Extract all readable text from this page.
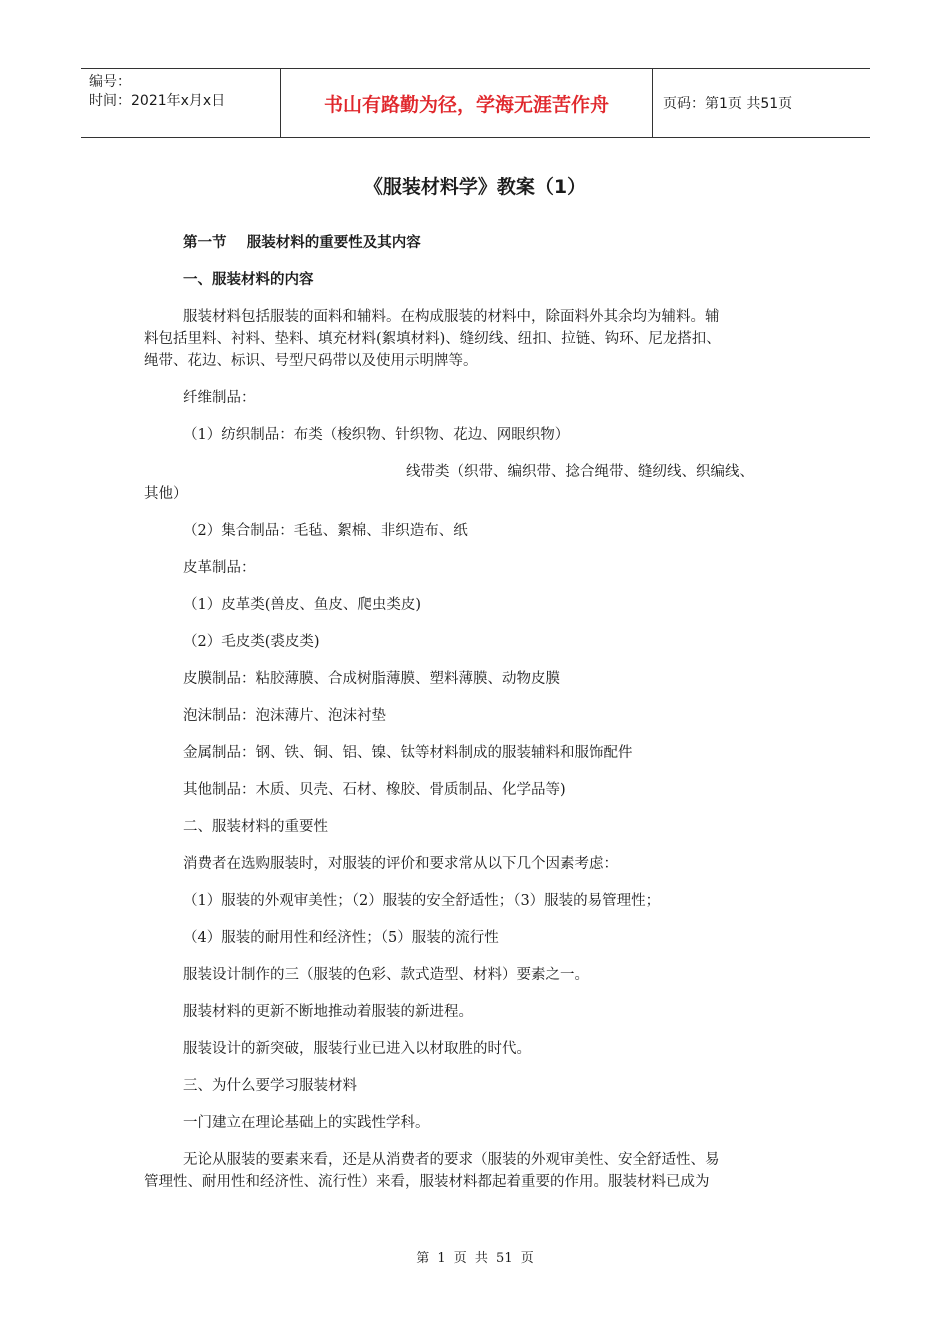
编号：
时间：2021年x月x日	书山有路勤为径，学海无涯苦作舟	页码：第1页 共51页
《服装材料学》教案（1）

第一节    服装材料的重要性及其内容

一、服装材料的内容

服装材料包括服装的面料和辅料。在构成服装的材料中，除面料外其余均为辅料。辅

料包括里料、衬料、垫料、填充材料(絮填材料)、缝纫线、纽扣、拉链、钩环、尼龙搭扣、

绳带、花边、标识、号型尺码带以及使用示明牌等。

纤维制品：

（1）纺织制品：布类（梭织物、针织物、花边、网眼织物）

线带类（织带、编织带、捻合绳带、缝纫线、织编线、

其他）

（2）集合制品：毛毡、絮棉、非织造布、纸

皮革制品：

（1）皮革类(兽皮、鱼皮、爬虫类皮)

（2）毛皮类(裘皮类)

皮膜制品：粘胶薄膜、合成树脂薄膜、塑料薄膜、动物皮膜

泡沫制品：泡沫薄片、泡沫衬垫

金属制品：钢、铁、铜、铝、镍、钛等材料制成的服装辅料和服饰配件

其他制品：木质、贝壳、石材、橡胶、骨质制品、化学品等)

二、服装材料的重要性

消费者在选购服装时，对服装的评价和要求常从以下几个因素考虑：

（1）服装的外观审美性；（2）服装的安全舒适性；（3）服装的易管理性；

（4）服装的耐用性和经济性；（5）服装的流行性

服装设计制作的三（服装的色彩、款式造型、材料）要素之一。

服装材料的更新不断地推动着服装的新进程。

服装设计的新突破，服装行业已进入以材取胜的时代。

三、为什么要学习服装材料

一门建立在理论基础上的实践性学科。

无论从服装的要素来看，还是从消费者的要求（服装的外观审美性、安全舒适性、易

管理性、耐用性和经济性、流行性）来看，服装材料都起着重要的作用。服装材料已成为

第 1 页 共 51 页
